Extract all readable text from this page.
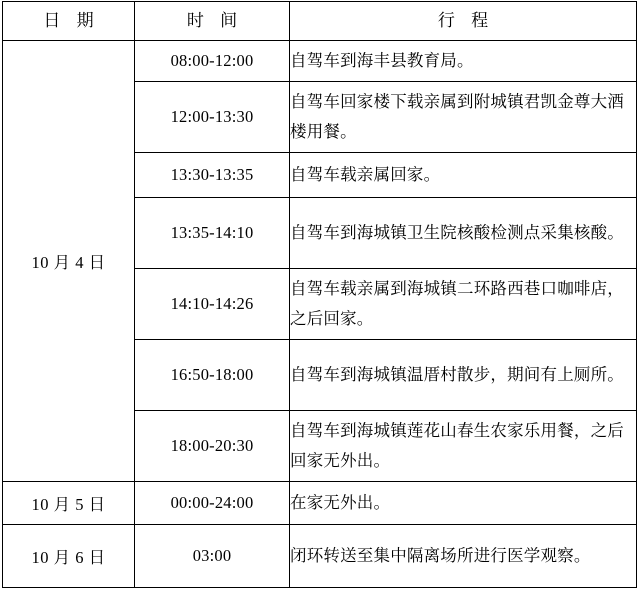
日 期	时 间	行 程
10 月 4 日	08:00-12:00	自驾车到海丰县教育局。
	12:00-13:30	自驾车回家楼下载亲属到附城镇君凯金尊大酒楼用餐。
	13:30-13:35	自驾车载亲属回家。
	13:35-14:10	自驾车到海城镇卫生院核酸检测点采集核酸。
	14:10-14:26	自驾车载亲属到海城镇二环路西巷口咖啡店，之后回家。
	16:50-18:00	自驾车到海城镇温厝村散步，期间有上厕所。
	18:00-20:30	自驾车到海城镇莲花山春生农家乐用餐，之后回家无外出。
10 月 5 日	00:00-24:00	在家无外出。
10 月 6 日	03:00	闭环转送至集中隔离场所进行医学观察。
